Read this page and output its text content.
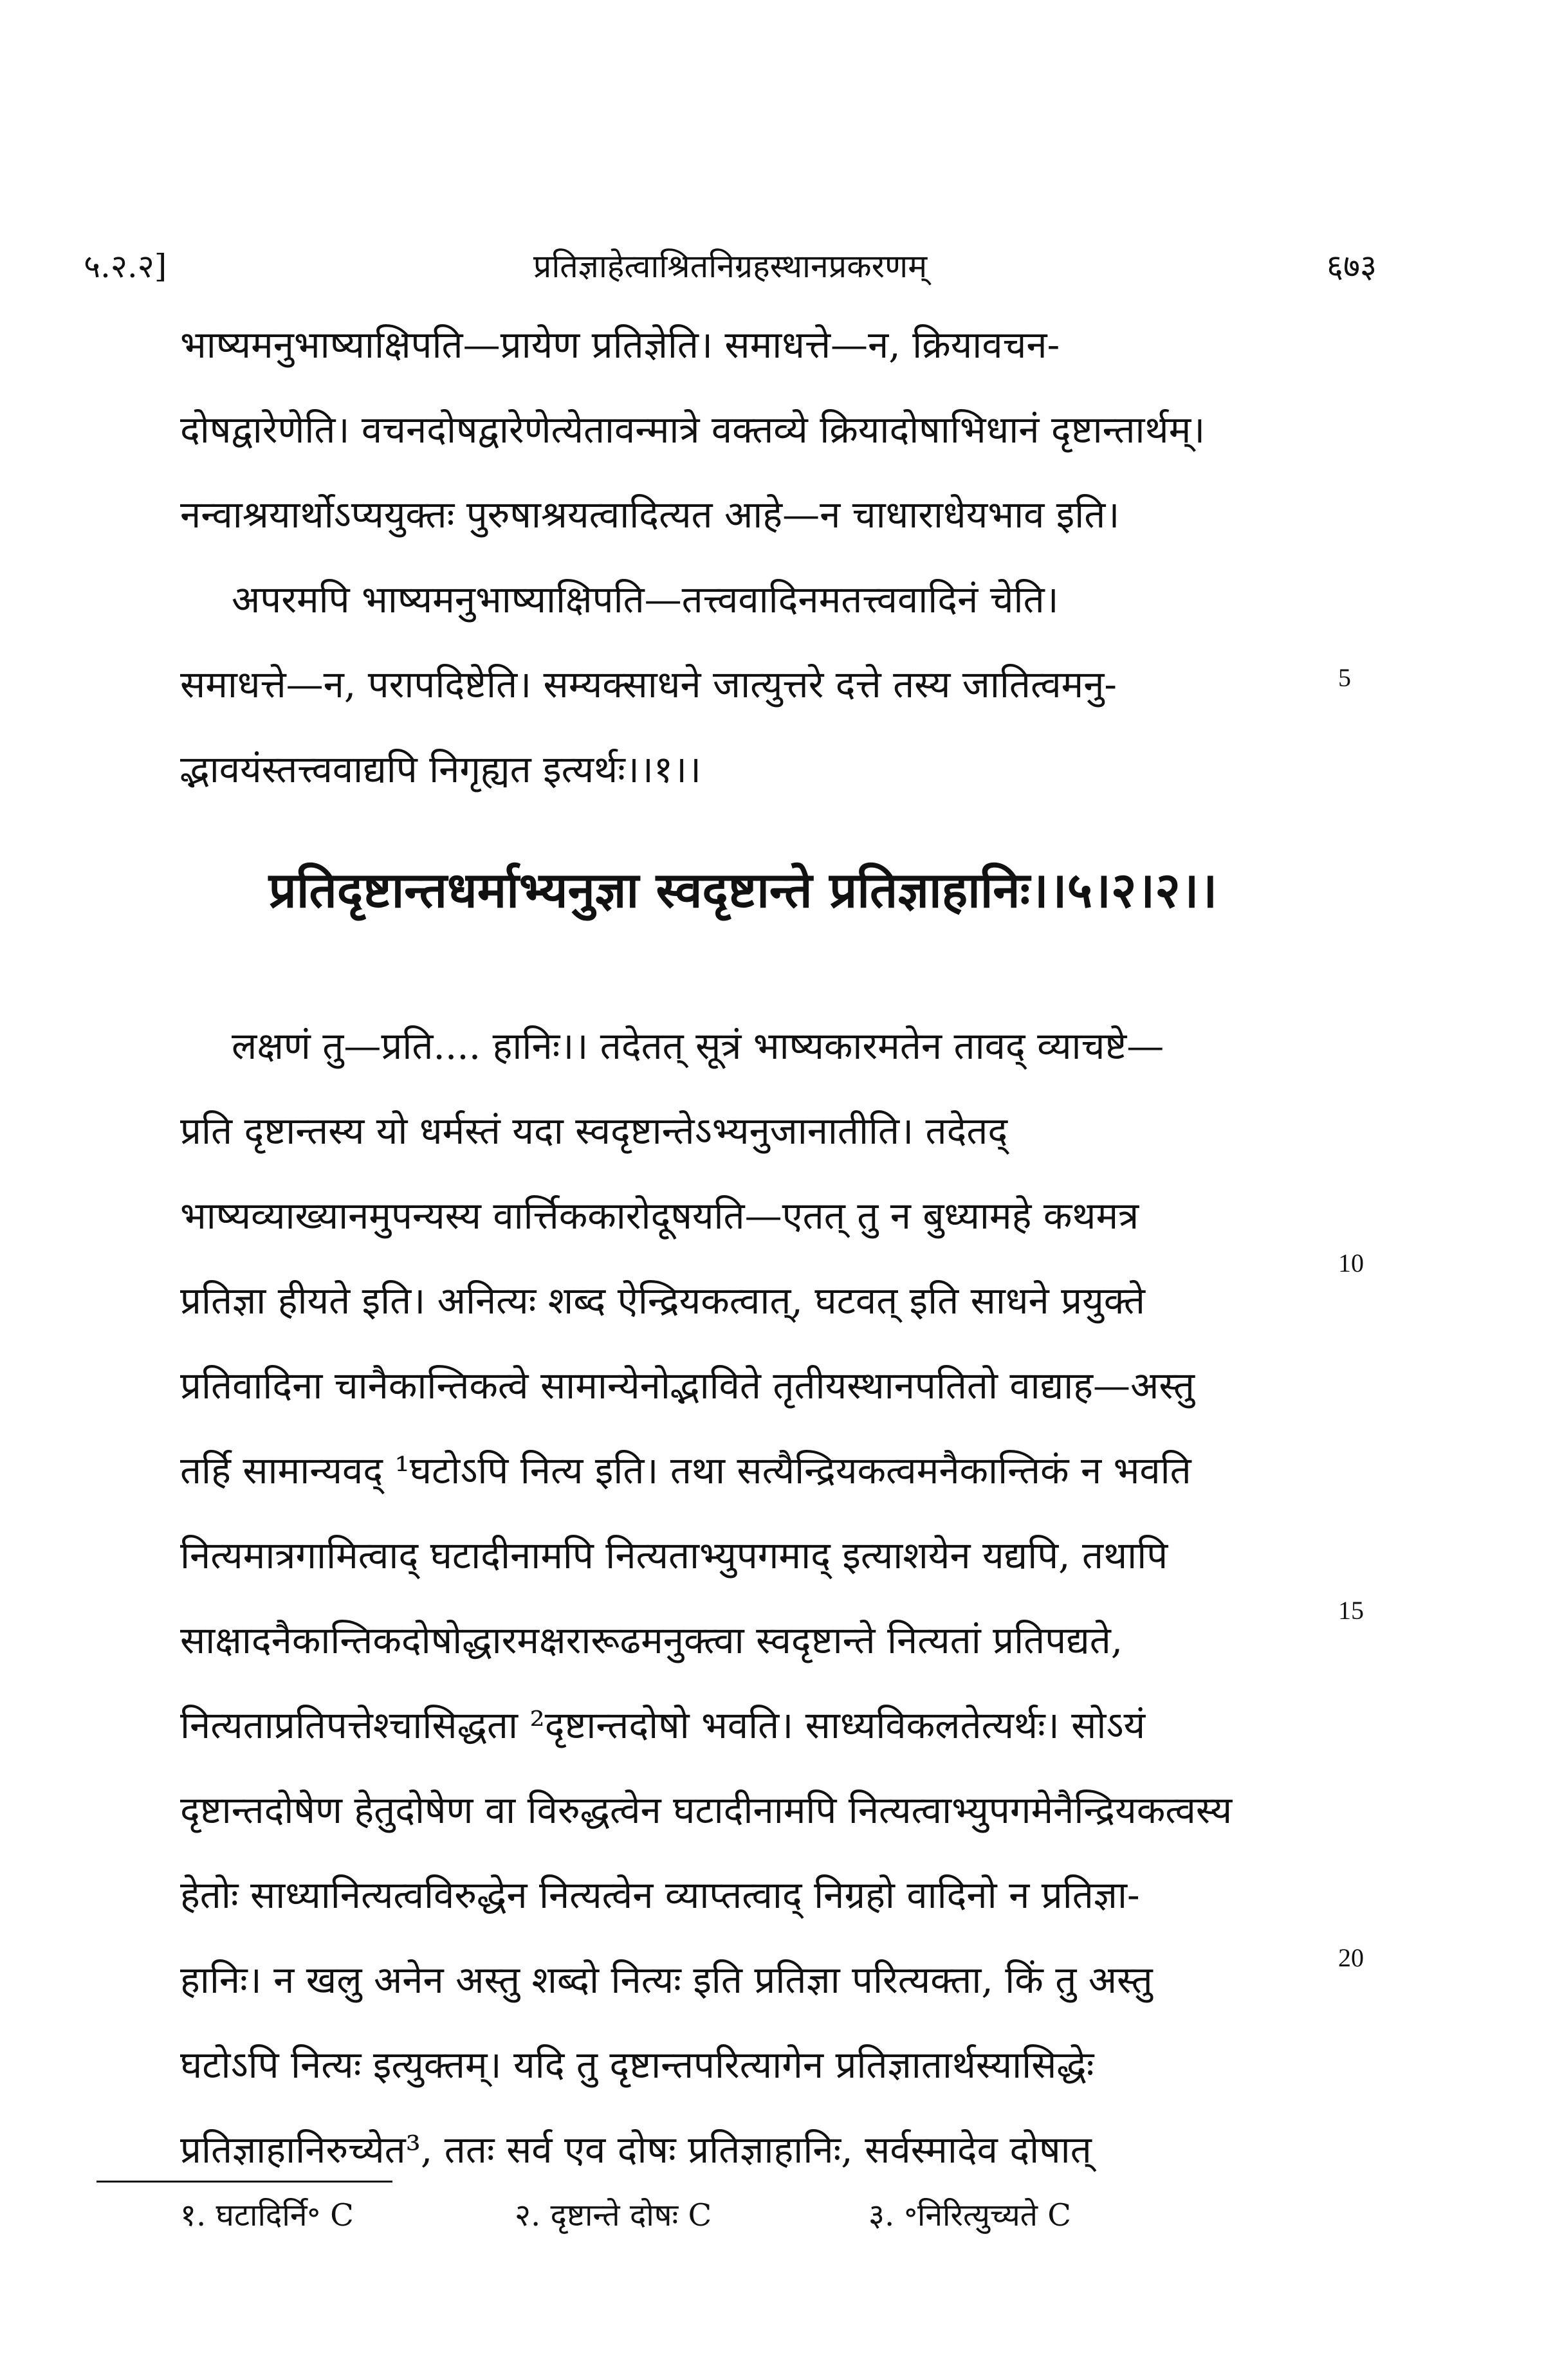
५.२.२]	प्रतिज्ञाहेत्वाश्रितनिग्रहस्थानप्रकरणम्	६७३
भाष्यमनुभाष्याक्षिपति—प्रायेण प्रतिज्ञेति। समाधत्ते—न, क्रियावचन-
दोषद्वारेणेति। वचनदोषद्वारेणेत्येतावन्मात्रे वक्तव्ये क्रियादोषाभिधानं दृष्टान्तार्थम्।
नन्वाश्रयार्थोऽप्ययुक्तः पुरुषाश्रयत्वादित्यत आहे—न चाधाराधेयभाव इति।
अपरमपि भाष्यमनुभाष्याक्षिपति—तत्त्ववादिनमतत्त्ववादिनं चेति।
समाधत्ते—न, परापदिष्टेति। सम्यक्साधने जात्युत्तरे दत्ते तस्य जातित्वमनु-
द्भावयंस्तत्त्ववाद्यपि निगृह्यत इत्यर्थः।।१।।
5
प्रतिदृष्टान्तधर्माभ्यनुज्ञा स्वदृष्टान्ते प्रतिज्ञाहानिः।।५।२।२।।
लक्षणं तु—प्रति.... हानिः।। तदेतत् सूत्रं भाष्यकारमतेन तावद् व्याचष्टे—
प्रति दृष्टान्तस्य यो धर्मस्तं यदा स्वदृष्टान्तेऽभ्यनुजानातीति। तदेतद्
भाष्यव्याख्यानमुपन्यस्य वार्त्तिककारोदूषयति—एतत् तु न बुध्यामहे कथमत्र
प्रतिज्ञा हीयते इति। अनित्यः शब्द ऐन्द्रियकत्वात्, घटवत् इति साधने प्रयुक्ते
प्रतिवादिना चानैकान्तिकत्वे सामान्येनोद्भाविते तृतीयस्थानपतितो वाद्याह—अस्तु
तर्हि सामान्यवद् ¹घटोऽपि नित्य इति। तथा सत्यैन्द्रियकत्वमनैकान्तिकं न भवति
नित्यमात्रगामित्वाद् घटादीनामपि नित्यताभ्युपगमाद् इत्याशयेन यद्यपि, तथापि
साक्षादनैकान्तिकदोषोद्धारमक्षरारूढमनुक्त्वा स्वदृष्टान्ते नित्यतां प्रतिपद्यते,
नित्यताप्रतिपत्तेश्चासिद्धता ²दृष्टान्तदोषो भवति। साध्यविकलतेत्यर्थः। सोऽयं
दृष्टान्तदोषेण हेतुदोषेण वा विरुद्धत्वेन घटादीनामपि नित्यत्वाभ्युपगमेनैन्द्रियकत्वस्य
हेतोः साध्यानित्यत्वविरुद्धेन नित्यत्वेन व्याप्तत्वाद् निग्रहो वादिनो न प्रतिज्ञा-
हानिः। न खलु अनेन अस्तु शब्दो नित्यः इति प्रतिज्ञा परित्यक्ता, किं तु अस्तु
घटोऽपि नित्यः इत्युक्तम्। यदि तु दृष्टान्तपरित्यागेन प्रतिज्ञातार्थस्यासिद्धेः
प्रतिज्ञाहानिरुच्येत³, ततः सर्व एव दोषः प्रतिज्ञाहानिः, सर्वस्मादेव दोषात्
10
15
20
१. घटादिर्नि॰ C	२. दृष्टान्ते दोषः C	३. ॰निरित्युच्यते C
